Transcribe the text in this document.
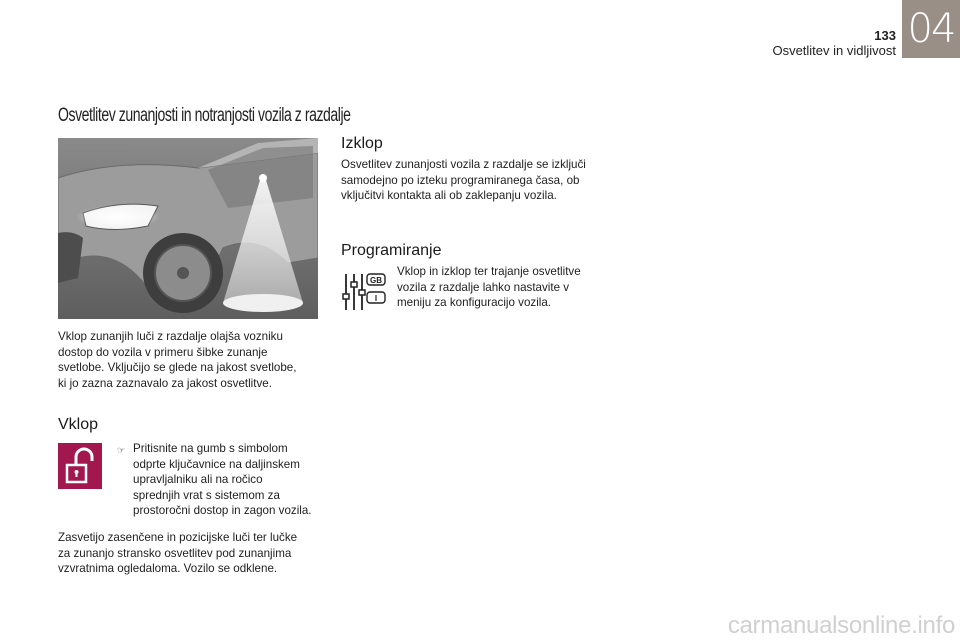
133
Osvetlitev in vidljivost 04
Osvetlitev zunanjosti in notranjosti vozila z razdalje
Vklop zunanjih luči z razdalje olajša vozniku
dostop do vozila v primeru šibke zunanje
svetlobe. Vključijo se glede na jakost svetlobe,
ki jo zazna zaznavalo za jakost osvetlitve.
Vklop
☞ Pritisnite na gumb s simbolom
odprte ključavnice na daljinskem
upravljalniku ali na ročico
sprednjih vrat s sistemom za
prostoročni dostop in zagon vozila.
Zasvetijo zasenčene in pozicijske luči ter lučke
za zunanjo stransko osvetlitev pod zunanjima
vzvratnima ogledaloma. Vozilo se odklene.
Izklop
Osvetlitev zunanjosti vozila z razdalje se izključi
samodejno po izteku programiranega časa, ob
vključitvi kontakta ali ob zaklepanju vozila.
Programiranje
GB
I
Vklop in izklop ter trajanje osvetlitve
vozila z razdalje lahko nastavite v
meniju za konfiguracijo vozila.
carmanualsonline.info
